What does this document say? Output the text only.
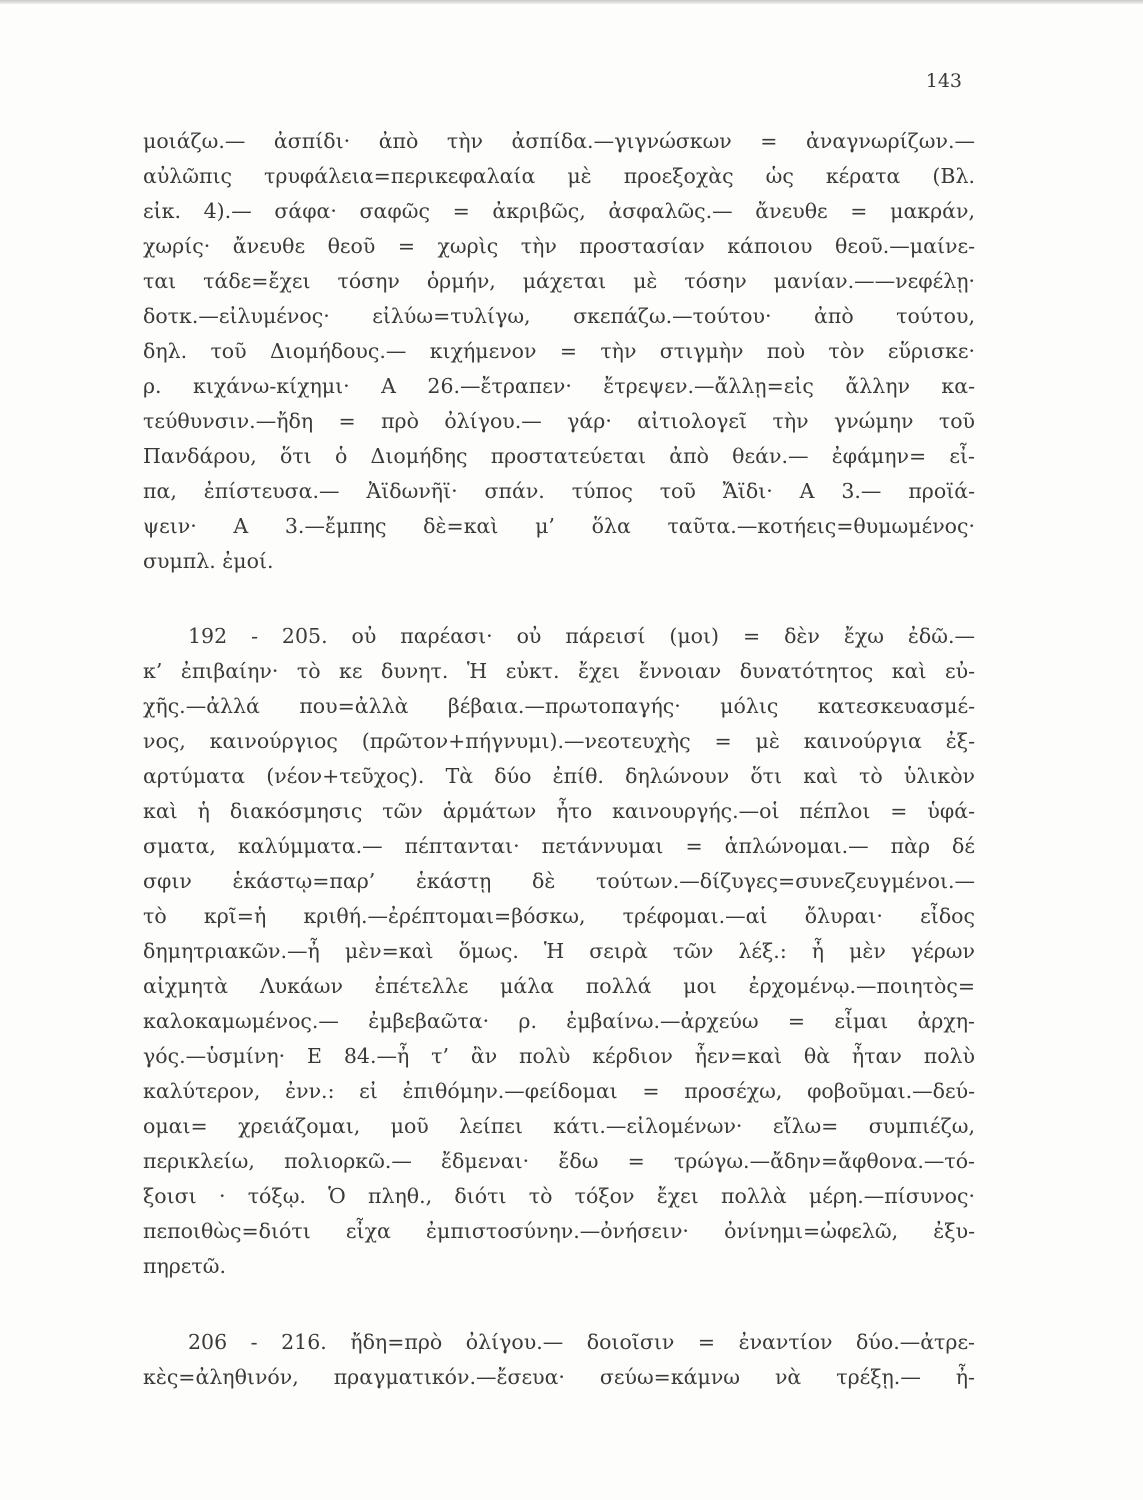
143
μοιάζω.— ἀσπίδι· ἀπὸ τὴν ἀσπίδα.—γιγνώσκων = ἀναγνωρίζων.—
αὐλῶπις τρυφάλεια=περικεφαλαία μὲ προεξοχὰς ὡς κέρατα (Βλ.
εἰκ. 4).— σάφα· σαφῶς = ἀκριβῶς, ἀσφαλῶς.— ἄνευθε = μακράν,
χωρίς· ἄνευθε θεοῦ = χωρὶς τὴν προστασίαν κάποιου θεοῦ.—μαίνε-
ται τάδε=ἔχει τόσην ὁρμήν, μάχεται μὲ τόσην μανίαν.——νεφέλῃ·
δοτκ.—εἰλυμένος· εἰλύω=τυλίγω, σκεπάζω.—τούτου· ἀπὸ τούτου,
δηλ. τοῦ Διομήδους.— κιχήμενον = τὴν στιγμὴν ποὺ τὸν εὕρισκε·
ρ. κιχάνω-κίχημι· Α 26.—ἔτραπεν· ἔτρεψεν.—ἄλλῃ=εἰς ἄλλην κα-
τεύθυνσιν.—ἤδη = πρὸ ὀλίγου.— γάρ· αἰτιολογεῖ τὴν γνώμην τοῦ
Πανδάρου, ὅτι ὁ Διομήδης προστατεύεται ἀπὸ θεάν.— ἐφάμην= εἶ-
πα, ἐπίστευσα.— Ἀϊδωνῆϊ· σπάν. τύπος τοῦ Ἄϊδι· Α 3.— προϊά-
ψειν· Α 3.—ἔμπης δὲ=καὶ μ’ ὅλα ταῦτα.—κοτήεις=θυμωμένος·
συμπλ. ἐμοί.
192 - 205. οὐ παρέασι· οὐ πάρεισί (μοι) = δὲν ἔχω ἐδῶ.—
κ’ ἐπιβαίην· τὸ κε δυνητ. Ἡ εὐκτ. ἔχει ἔννοιαν δυνατότητος καὶ εὐ-
χῆς.—ἀλλά που=ἀλλὰ βέβαια.—πρωτοπαγής· μόλις κατεσκευασμέ-
νος, καινούργιος (πρῶτον+πήγνυμι).—νεοτευχὴς = μὲ καινούργια ἐξ-
αρτύματα (νέον+τεῦχος). Τὰ δύο ἐπίθ. δηλώνουν ὅτι καὶ τὸ ὑλικὸν
καὶ ἡ διακόσμησις τῶν ἁρμάτων ἦτο καινουργής.—οἱ πέπλοι = ὑφά-
σματα, καλύμματα.— πέπτανται· πετάννυμαι = ἁπλώνομαι.— πὰρ δέ
σφιν ἑκάστῳ=παρ’ ἑκάστῃ δὲ τούτων.—δίζυγες=συνεζευγμένοι.—
τὸ κρῖ=ἡ κριθή.—ἐρέπτομαι=βόσκω, τρέφομαι.—αἱ ὄλυραι· εἶδος
δημητριακῶν.—ἦ μὲν=καὶ ὅμως. Ἡ σειρὰ τῶν λέξ.: ἦ μὲν γέρων
αἰχμητὰ Λυκάων ἐπέτελλε μάλα πολλά μοι ἐρχομένῳ.—ποιητὸς=
καλοκαμωμένος.— ἐμβεβαῶτα· ρ. ἐμβαίνω.—ἀρχεύω = εἶμαι ἀρχη-
γός.—ὑσμίνη· Ε 84.—ἦ τ’ ἂν πολὺ κέρδιον ἦεν=καὶ θὰ ἦταν πολὺ
καλύτερον, ἐνν.: εἰ ἐπιθόμην.—φείδομαι = προσέχω, φοβοῦμαι.—δεύ-
ομαι= χρειάζομαι, μοῦ λείπει κάτι.—εἰλομένων· εἴλω= συμπιέζω,
περικλείω, πολιορκῶ.— ἔδμεναι· ἔδω = τρώγω.—ἄδην=ἄφθονα.—τό-
ξοισι · τόξῳ. Ὁ πληθ., διότι τὸ τόξον ἔχει πολλὰ μέρη.—πίσυνος·
πεποιθὼς=διότι εἶχα ἐμπιστοσύνην.—ὀνήσειν· ὀνίνημι=ὠφελῶ, ἐξυ-
πηρετῶ.
206 - 216. ἤδη=πρὸ ὀλίγου.— δοιοῖσιν = ἐναντίον δύο.—ἀτρε-
κὲς=ἀληθινόν, πραγματικόν.—ἔσευα· σεύω=κάμνω νὰ τρέξῃ.— ἦ-
